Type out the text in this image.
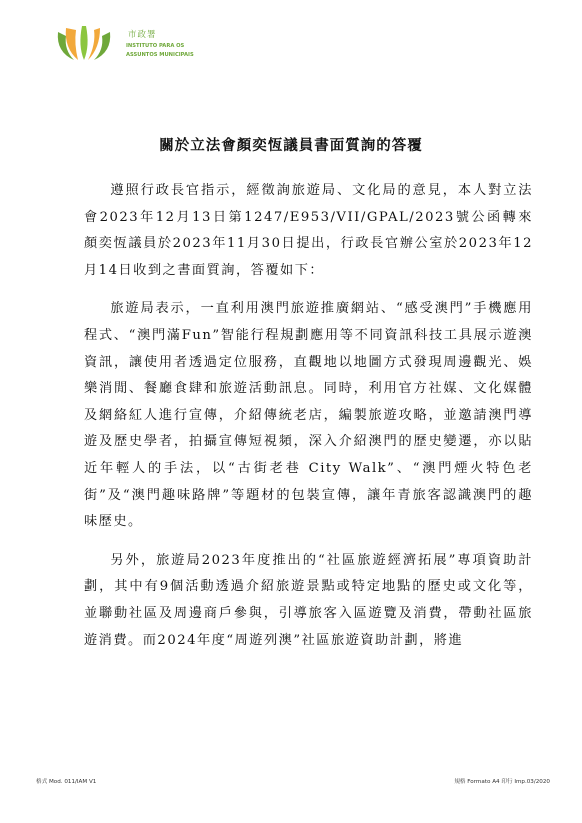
市政署
INSTITUTO PARA OS
ASSUNTOS MUNICIPAIS
關於立法會顏奕恆議員書面質詢的答覆

遵照行政長官指示，經徵詢旅遊局、文化局的意見，本人對立法會2023年12月13日第1247/E953/VII/GPAL/2023號公函轉來顏奕恆議員於2023年11月30日提出，行政長官辦公室於2023年12月14日收到之書面質詢，答覆如下：

旅遊局表示，一直利用澳門旅遊推廣網站、“感受澳門”手機應用程式、“澳門滿Fun”智能行程規劃應用等不同資訊科技工具展示遊澳資訊，讓使用者透過定位服務，直觀地以地圖方式發現周邊觀光、娛樂消閒、餐廳食肆和旅遊活動訊息。同時，利用官方社媒、文化媒體及網絡紅人進行宣傳，介紹傳統老店，編製旅遊攻略，並邀請澳門導遊及歷史學者，拍攝宣傳短視頻，深入介紹澳門的歷史變遷，亦以貼近年輕人的手法，以“古街老巷 City Walk”、“澳門煙火特色老街”及“澳門趣味路牌”等題材的包裝宣傳，讓年青旅客認識澳門的趣味歷史。

另外，旅遊局2023年度推出的“社區旅遊經濟拓展”專項資助計劃，其中有9個活動透過介紹旅遊景點或特定地點的歷史或文化等，並聯動社區及周邊商戶參與，引導旅客入區遊覽及消費，帶動社區旅遊消費。而2024年度“周遊列澳”社區旅遊資助計劃，將進

格式 Mod. 011/IAM V1	規格 Formato A4 印行 Imp.03/2020
